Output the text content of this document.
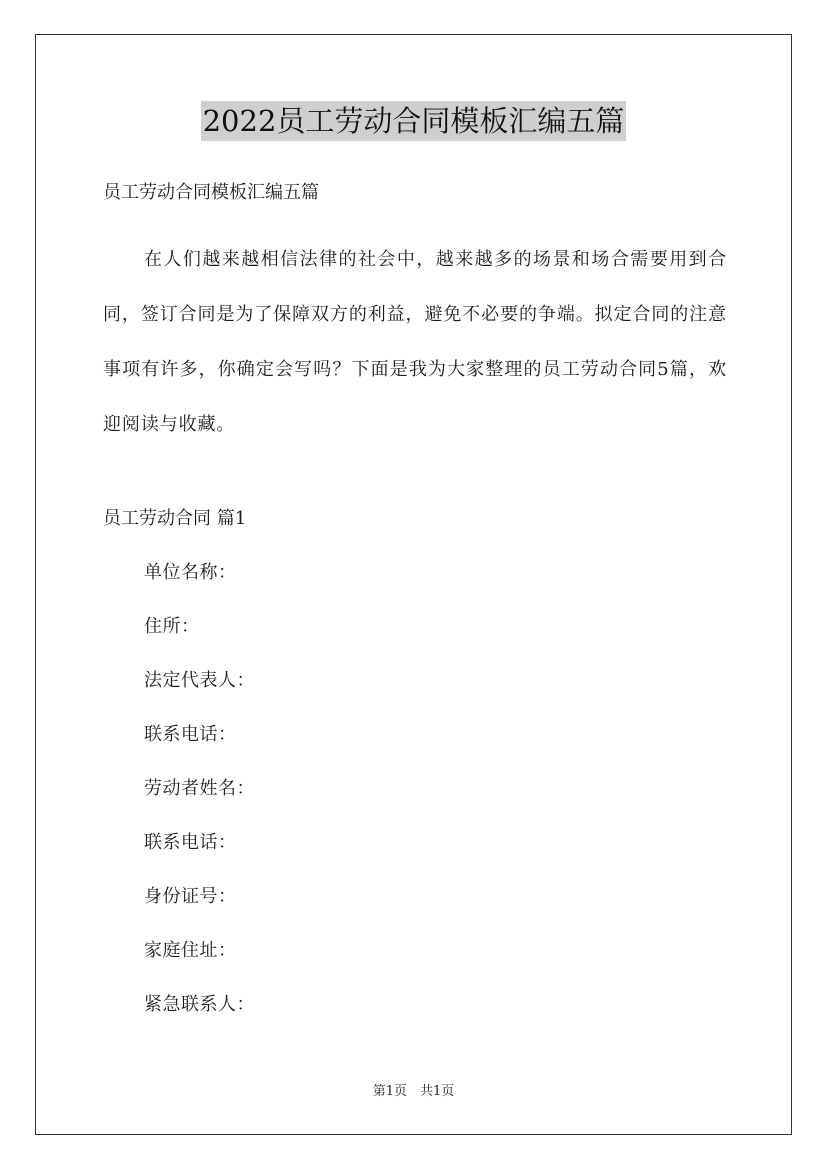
2022员工劳动合同模板汇编五篇
员工劳动合同模板汇编五篇

在人们越来越相信法律的社会中，越来越多的场景和场合需要用到合同，签订合同是为了保障双方的利益，避免不必要的争端。拟定合同的注意事项有许多，你确定会写吗？下面是我为大家整理的员工劳动合同5篇，欢迎阅读与收藏。

员工劳动合同 篇1
单位名称：
住所：
法定代表人：
联系电话：
劳动者姓名：
联系电话：
身份证号：
家庭住址：
紧急联系人：
第1页　共1页
